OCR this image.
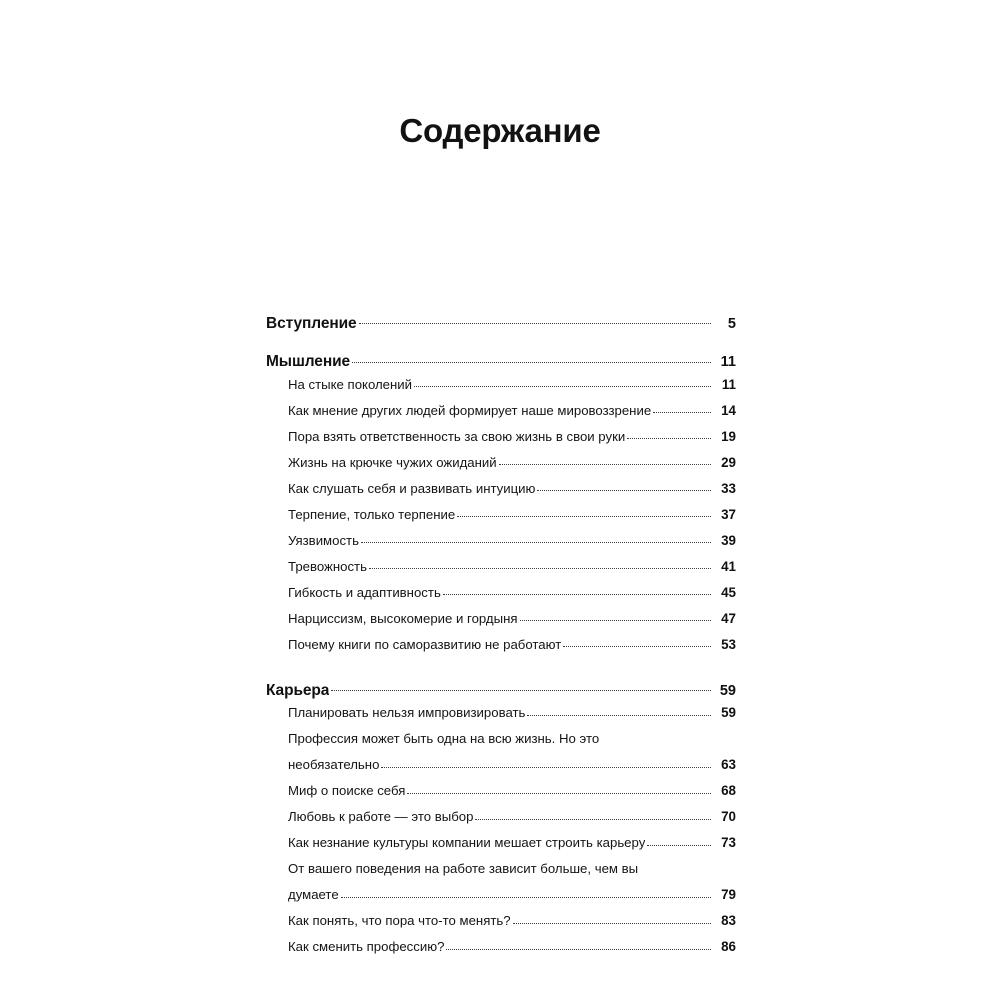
Содержание
Вступление	5
Мышление	11
На стыке поколений	11
Как мнение других людей формирует наше мировоззрение	14
Пора взять ответственность за свою жизнь в свои руки	19
Жизнь на крючке чужих ожиданий	29
Как слушать себя и развивать интуицию	33
Терпение, только терпение	37
Уязвимость	39
Тревожность	41
Гибкость и адаптивность	45
Нарциссизм, высокомерие и гордыня	47
Почему книги по саморазвитию не работают	53
Карьера	59
Планировать нельзя импровизировать	59
Профессия может быть одна на всю жизнь. Но это
необязательно	63
Миф о поиске себя	68
Любовь к работе — это выбор	70
Как незнание культуры компании мешает строить карьеру	73
От вашего поведения на работе зависит больше, чем вы
думаете	79
Как понять, что пора что-то менять?	83
Как сменить профессию?	86
